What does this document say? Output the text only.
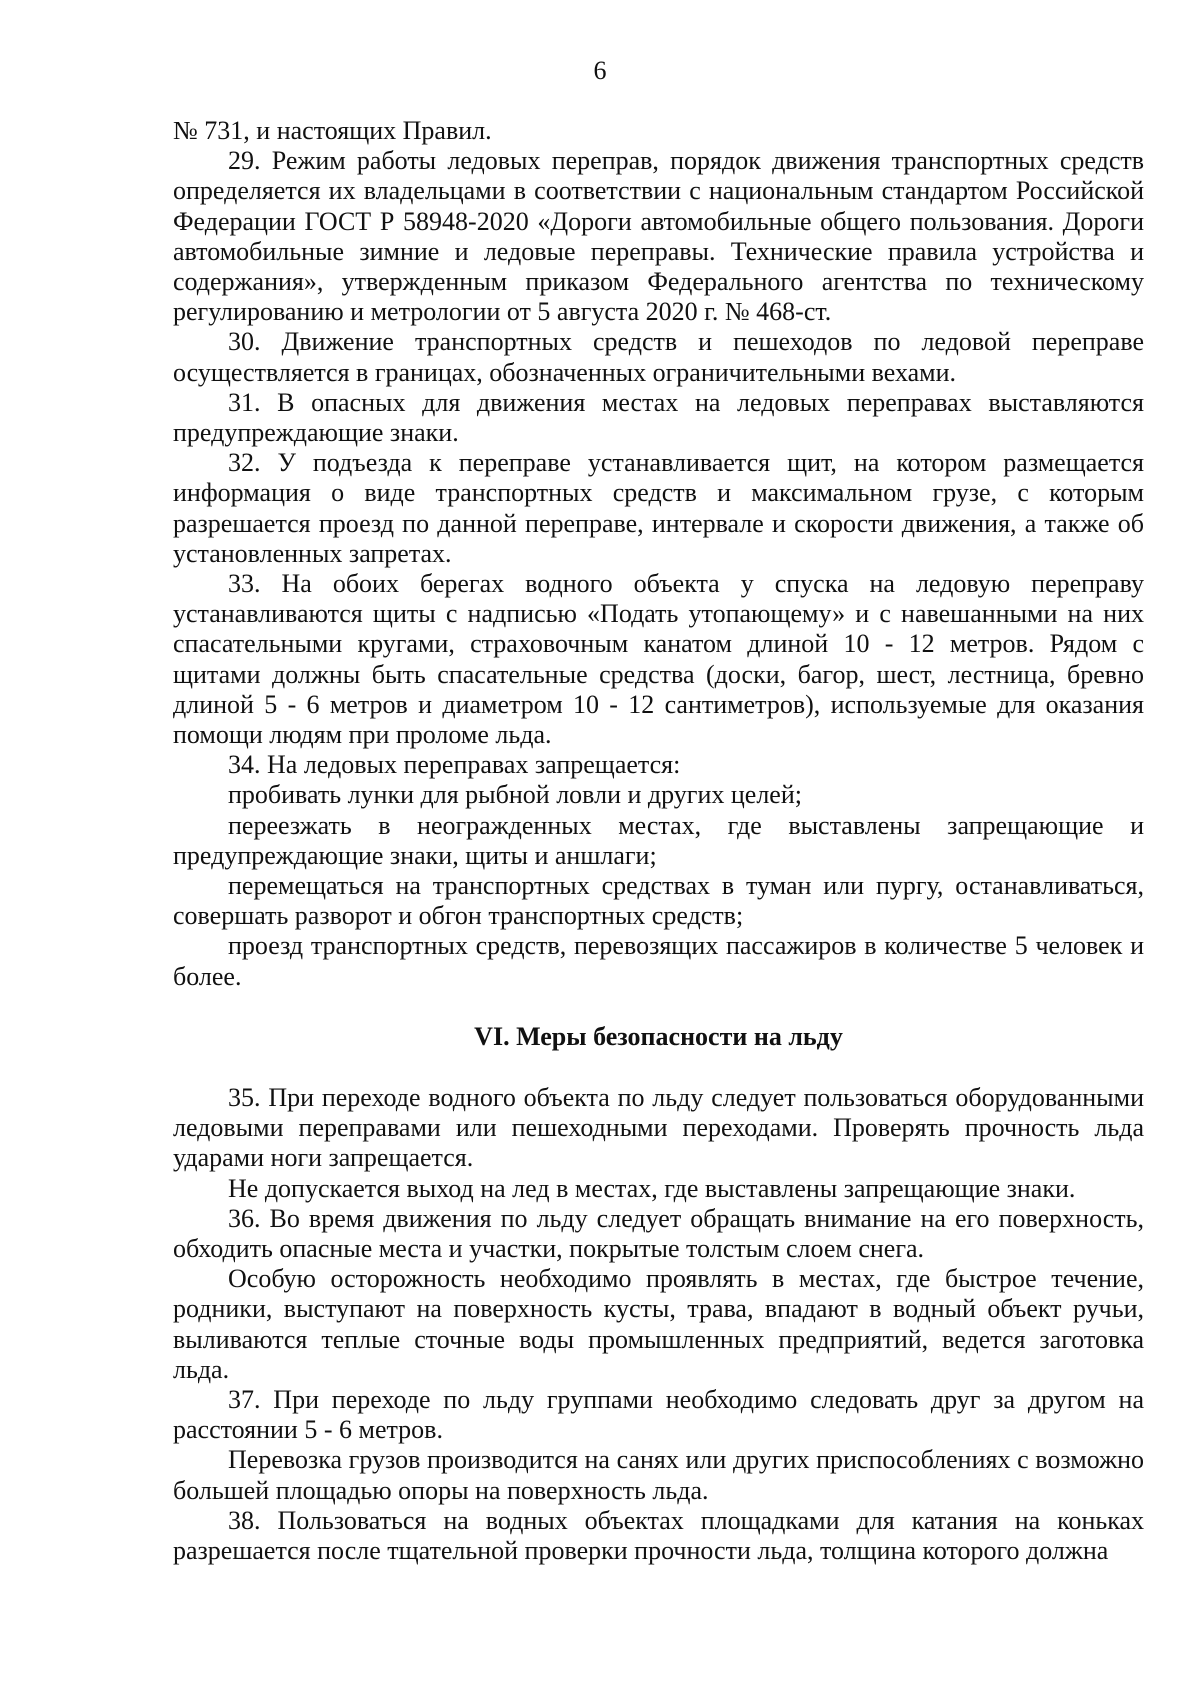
6

№ 731, и настоящих Правил.

29. Режим работы ледовых переправ, порядок движения транспортных средств определяется их владельцами в соответствии с национальным стандартом Российской Федерации ГОСТ Р 58948-2020 «Дороги автомобильные общего пользования. Дороги автомобильные зимние и ледовые переправы. Технические правила устройства и содержания», утвержденным приказом Федерального агентства по техническому регулированию и метрологии от 5 августа 2020 г. № 468-ст.

30. Движение транспортных средств и пешеходов по ледовой переправе осуществляется в границах, обозначенных ограничительными вехами.

31. В опасных для движения местах на ледовых переправах выставляются предупреждающие знаки.

32. У подъезда к переправе устанавливается щит, на котором размещается информация о виде транспортных средств и максимальном грузе, с которым разрешается проезд по данной переправе, интервале и скорости движения, а также об установленных запретах.

33. На обоих берегах водного объекта у спуска на ледовую переправу устанавливаются щиты с надписью «Подать утопающему» и с навешанными на них спасательными кругами, страховочным канатом длиной 10 - 12 метров. Рядом с щитами должны быть спасательные средства (доски, багор, шест, лестница, бревно длиной 5 - 6 метров и диаметром 10 - 12 сантиметров), используемые для оказания помощи людям при проломе льда.

34. На ледовых переправах запрещается:

пробивать лунки для рыбной ловли и других целей;

переезжать в неогражденных местах, где выставлены запрещающие и предупреждающие знаки, щиты и аншлаги;

перемещаться на транспортных средствах в туман или пургу, останавливаться, совершать разворот и обгон транспортных средств;

проезд транспортных средств, перевозящих пассажиров в количестве 5 человек и более.

VI. Меры безопасности на льду

35. При переходе водного объекта по льду следует пользоваться оборудованными ледовыми переправами или пешеходными переходами. Проверять прочность льда ударами ноги запрещается.

Не допускается выход на лед в местах, где выставлены запрещающие знаки.

36. Во время движения по льду следует обращать внимание на его поверхность, обходить опасные места и участки, покрытые толстым слоем снега.

Особую осторожность необходимо проявлять в местах, где быстрое течение, родники, выступают на поверхность кусты, трава, впадают в водный объект ручьи, выливаются теплые сточные воды промышленных предприятий, ведется заготовка льда.

37. При переходе по льду группами необходимо следовать друг за другом на расстоянии 5 - 6 метров.

Перевозка грузов производится на санях или других приспособлениях с возможно большей площадью опоры на поверхность льда.

38. Пользоваться на водных объектах площадками для катания на коньках разрешается после тщательной проверки прочности льда, толщина которого должна
